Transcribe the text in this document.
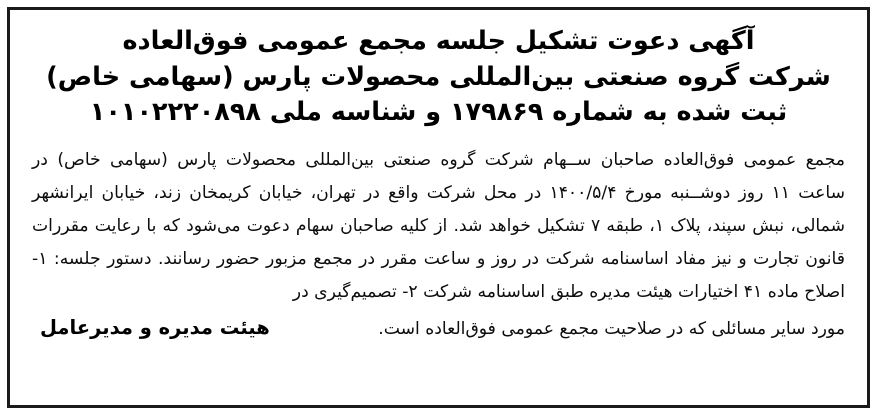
آگهی دعوت تشکیل جلسه مجمع عمومی فوق‌العاده
شرکت گروه صنعتی بین‌المللی محصولات پارس (سهامی خاص)
ثبت شده به شماره ۱۷۹۸۶۹ و شناسه ملی ۱۰۱۰۲۲۲۰۸۹۸
مجمع عمومی فوق‌العاده صاحبان ســهام شرکت گروه صنعتی بین‌المللی محصولات پارس (سهامی خاص) در ساعت ۱۱ روز دوشــنبه مورخ ۱۴۰۰/۵/۴ در محل شرکت واقع در تهران، خیابان کریمخان زند، خیابان ایرانشهر شمالی، نبش سپند، پلاک ۱، طبقه ۷ تشکیل خواهد شد. از کلیه صاحبان سهام دعوت می‌شود که با رعایت مقررات قانون تجارت و نیز مفاد اساسنامه شرکت در روز و ساعت مقرر در مجمع مزبور حضور رسانند. دستور جلسه: ۱- اصلاح ماده ۴۱ اختیارات هیئت مدیره طبق اساسنامه شرکت ۲- تصمیم‌گیری در
مورد سایر مسائلی که در صلاحیت مجمع عمومی فوق‌العاده است.
هیئت مدیره و مدیرعامل
